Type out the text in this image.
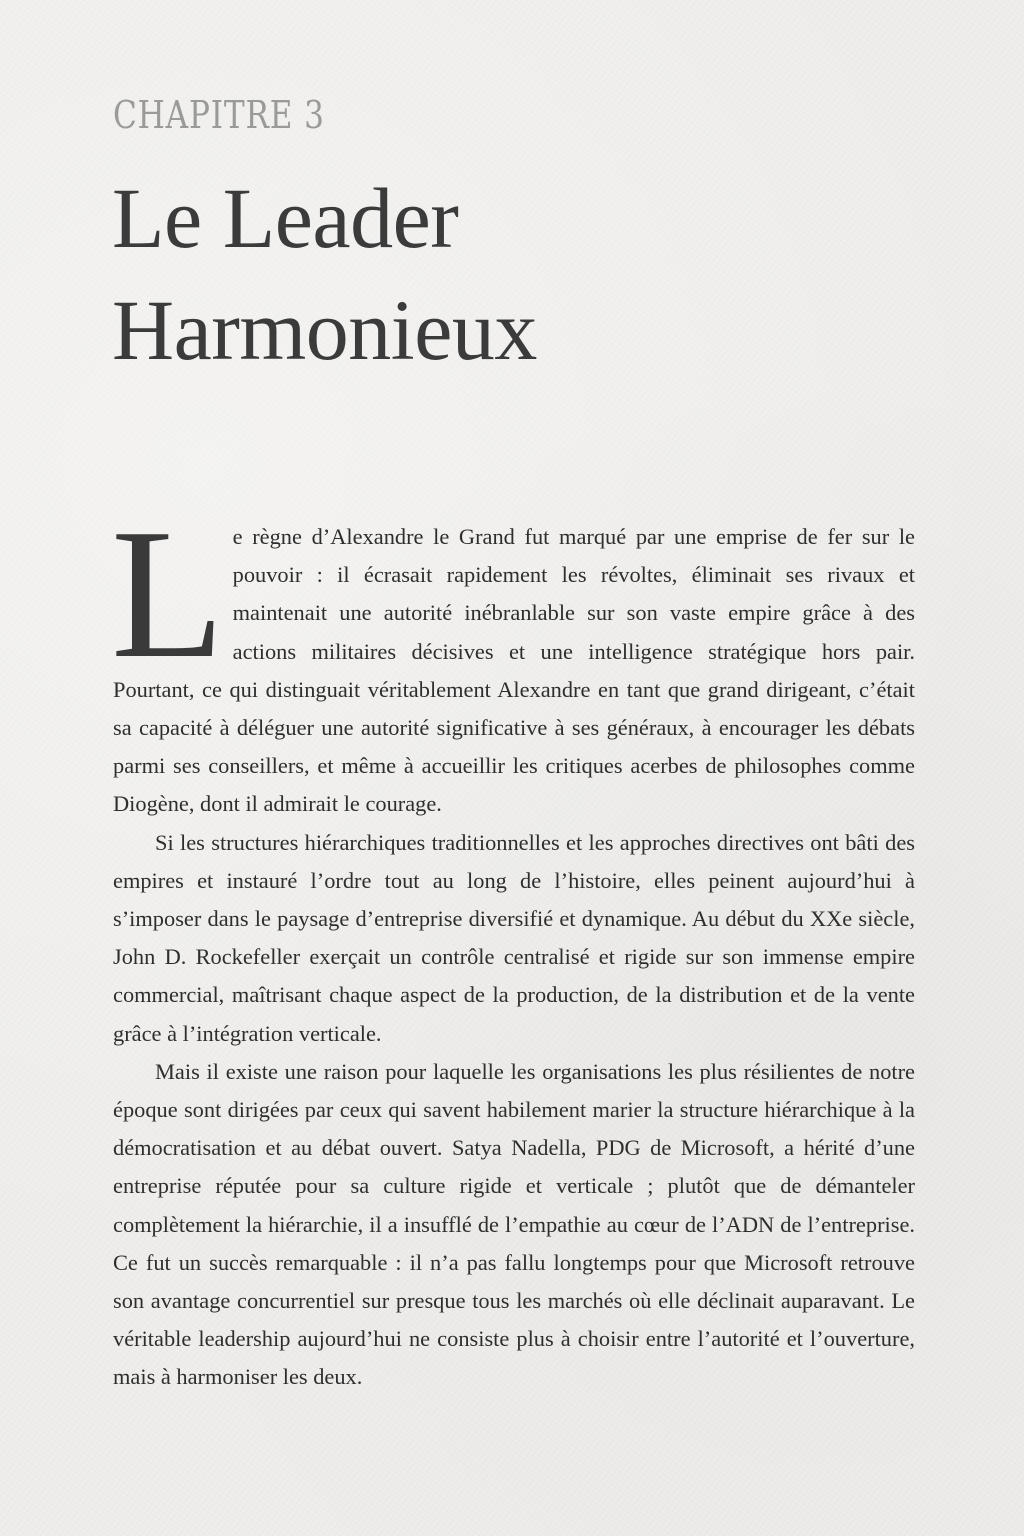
CHAPITRE 3
Le Leader
Harmonieux

Le règne d’Alexandre le Grand fut marqué par une emprise de fer sur le pouvoir : il écrasait rapidement les révoltes, éliminait ses rivaux et maintenait une autorité inébranlable sur son vaste empire grâce à des actions militaires décisives et une intelligence stratégique hors pair. Pourtant, ce qui distinguait véritablement Alexandre en tant que grand dirigeant, c’était sa capacité à déléguer une autorité significative à ses généraux, à encourager les débats parmi ses conseillers, et même à accueillir les critiques acerbes de philosophes comme Diogène, dont il admirait le courage.

Si les structures hiérarchiques traditionnelles et les approches directives ont bâti des empires et instauré l’ordre tout au long de l’histoire, elles peinent aujourd’hui à s’imposer dans le paysage d’entreprise diversifié et dynamique. Au début du XXe siècle, John D. Rockefeller exerçait un contrôle centralisé et rigide sur son immense empire commercial, maîtrisant chaque aspect de la production, de la distribution et de la vente grâce à l’intégration verticale.

Mais il existe une raison pour laquelle les organisations les plus résilientes de notre époque sont dirigées par ceux qui savent habilement marier la structure hiérarchique à la démocratisation et au débat ouvert. Satya Nadella, PDG de Microsoft, a hérité d’une entreprise réputée pour sa culture rigide et verticale ; plutôt que de démanteler complètement la hiérarchie, il a insufflé de l’empathie au cœur de l’ADN de l’entreprise. Ce fut un succès remarquable : il n’a pas fallu longtemps pour que Microsoft retrouve son avantage concurrentiel sur presque tous les marchés où elle déclinait auparavant. Le véritable leadership aujourd’hui ne consiste plus à choisir entre l’autorité et l’ouverture, mais à harmoniser les deux.
